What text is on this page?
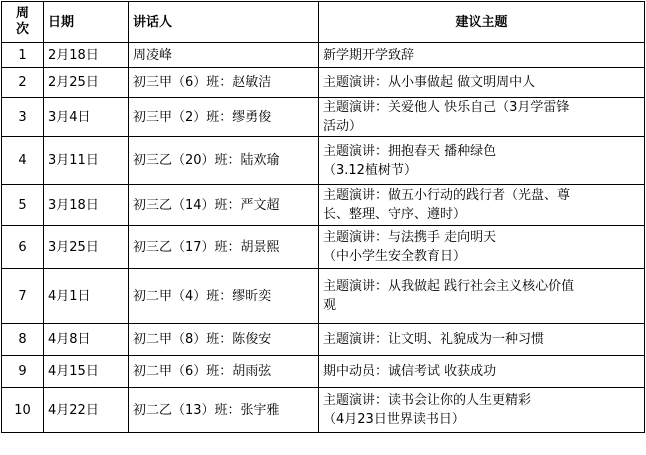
周
次	日期	讲话人	建议主题
1	2月18日	周凌峰	新学期开学致辞

2	2月25日	初三甲（6）班：赵敏洁	主题演讲：从小事做起 做文明周中人

3	3月4日	初三甲（2）班：缪勇俊	主题演讲：关爱他人 快乐自己（3月学雷锋
活动）

4	3月11日	初三乙（20）班：陆欢瑜	主题演讲：拥抱春天 播种绿色
（3.12植树节）

5	3月18日	初三乙（14）班：严文超	主题演讲：做五小行动的践行者（光盘、尊
长、整理、守序、遵时）

6	3月25日	初三乙（17）班：胡景熙	主题演讲：与法携手 走向明天
（中小学生安全教育日）

7	4月1日	初二甲（4）班：缪昕奕	主题演讲：从我做起 践行社会主义核心价值
观

8	4月8日	初二甲（8）班：陈俊安	主题演讲：让文明、礼貌成为一种习惯

9	4月15日	初二甲（6）班：胡雨弦	期中动员：诚信考试 收获成功

10	4月22日	初二乙（13）班：张宇雅	主题演讲：读书会让你的人生更精彩
（4月23日世界读书日）
